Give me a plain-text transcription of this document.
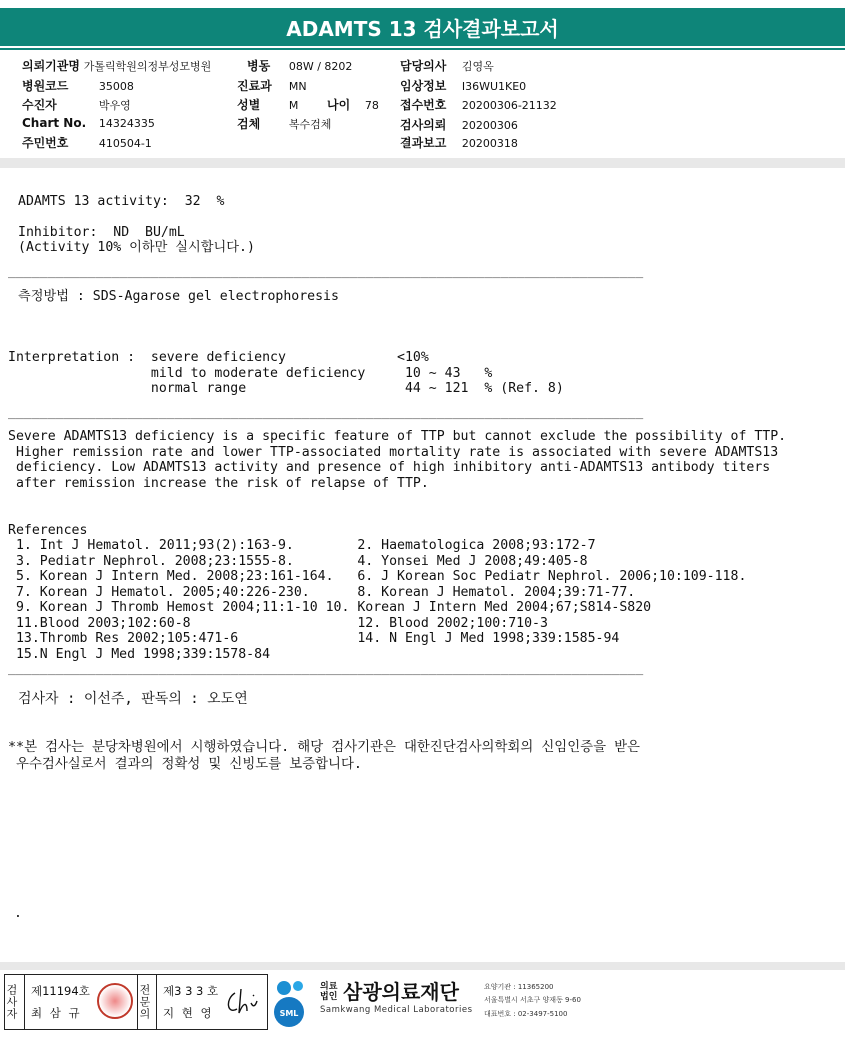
ADAMTS 13 검사결과보고서
의뢰기관명 가톨릭학원의정부성모병원	병동 08W / 8202	담당의사 김영옥
병원코드	35008	진료과 MN	임상정보 I36WU1KE0
수진자	박우영	성별	M 나이 78 접수번호 20200306-21132
Chart No. 14324335	검체	복수검체	검사의뢰 20200306
주민번호	410504-1	결과보고 20200318
ADAMTS 13 activity:  32  %
Inhibitor:  ND  BU/mL
(Activity 10% 이하만 실시합니다.)
________________________________________________________________________________
측정방법 : SDS-Agarose gel electrophoresis
Interpretation :  severe deficiency              <10%
mild to moderate deficiency     10 ~ 43   %
normal range                    44 ~ 121  % (Ref. 8)
________________________________________________________________________________
Severe ADAMTS13 deficiency is a specific feature of TTP but cannot exclude the possibility of TTP.
Higher remission rate and lower TTP-associated mortality rate is associated with severe ADAMTS13
deficiency. Low ADAMTS13 activity and presence of high inhibitory anti-ADAMTS13 antibody titers
after remission increase the risk of relapse of TTP.
References
1. Int J Hematol. 2011;93(2):163-9.        2. Haematologica 2008;93:172-7
3. Pediatr Nephrol. 2008;23:1555-8.        4. Yonsei Med J 2008;49:405-8
5. Korean J Intern Med. 2008;23:161-164.   6. J Korean Soc Pediatr Nephrol. 2006;10:109-118.
7. Korean J Hematol. 2005;40:226-230.      8. Korean J Hematol. 2004;39:71-77.
9. Korean J Thromb Hemost 2004;11:1-10 10. Korean J Intern Med 2004;67;S814-S820
11.Blood 2003;102:60-8                     12. Blood 2002;100:710-3
13.Thromb Res 2002;105:471-6               14. N Engl J Med 1998;339:1585-94
15.N Engl J Med 1998;339:1578-84
________________________________________________________________________________
검사자 : 이선주, 판독의 : 오도연
**본 검사는 분당차병원에서 시행하였습니다. 해당 검사기관은 대한진단검사의학회의 신임인증을 받은
우수검사실로서 결과의 정확성 및 신빙도를 보증합니다.
.
검사자 제11194호
최 삼 규	전문의 제3 3 3 호
지 현 영	SML
의료
법인 삼광의료재단
Samkwang Medical Laboratories
요양기관 : 11365200
서울특별시 서초구 양재동 9-60
대표번호 : 02-3497-5100
